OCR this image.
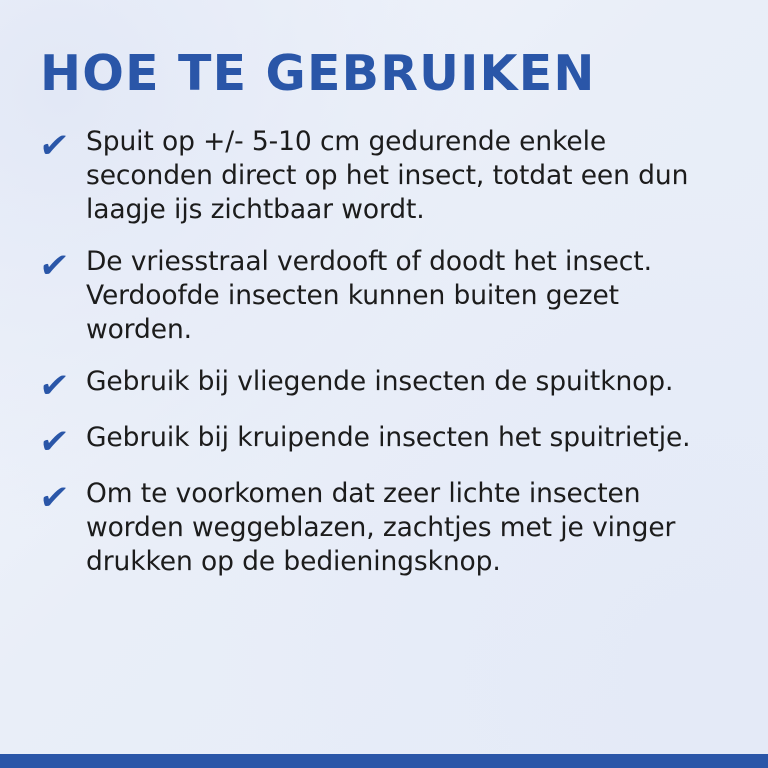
HOE TE GEBRUIKEN
✔ Spuit op +/- 5-10 cm gedurende enkele seconden direct op het insect, totdat een dun laagje ijs zichtbaar wordt.
✔ De vriesstraal verdooft of doodt het insect. Verdoofde insecten kunnen buiten gezet worden.
✔ Gebruik bij vliegende insecten de spuitknop.
✔ Gebruik bij kruipende insecten het spuitrietje.
✔ Om te voorkomen dat zeer lichte insecten worden weggeblazen, zachtjes met je vinger drukken op de bedieningsknop.
